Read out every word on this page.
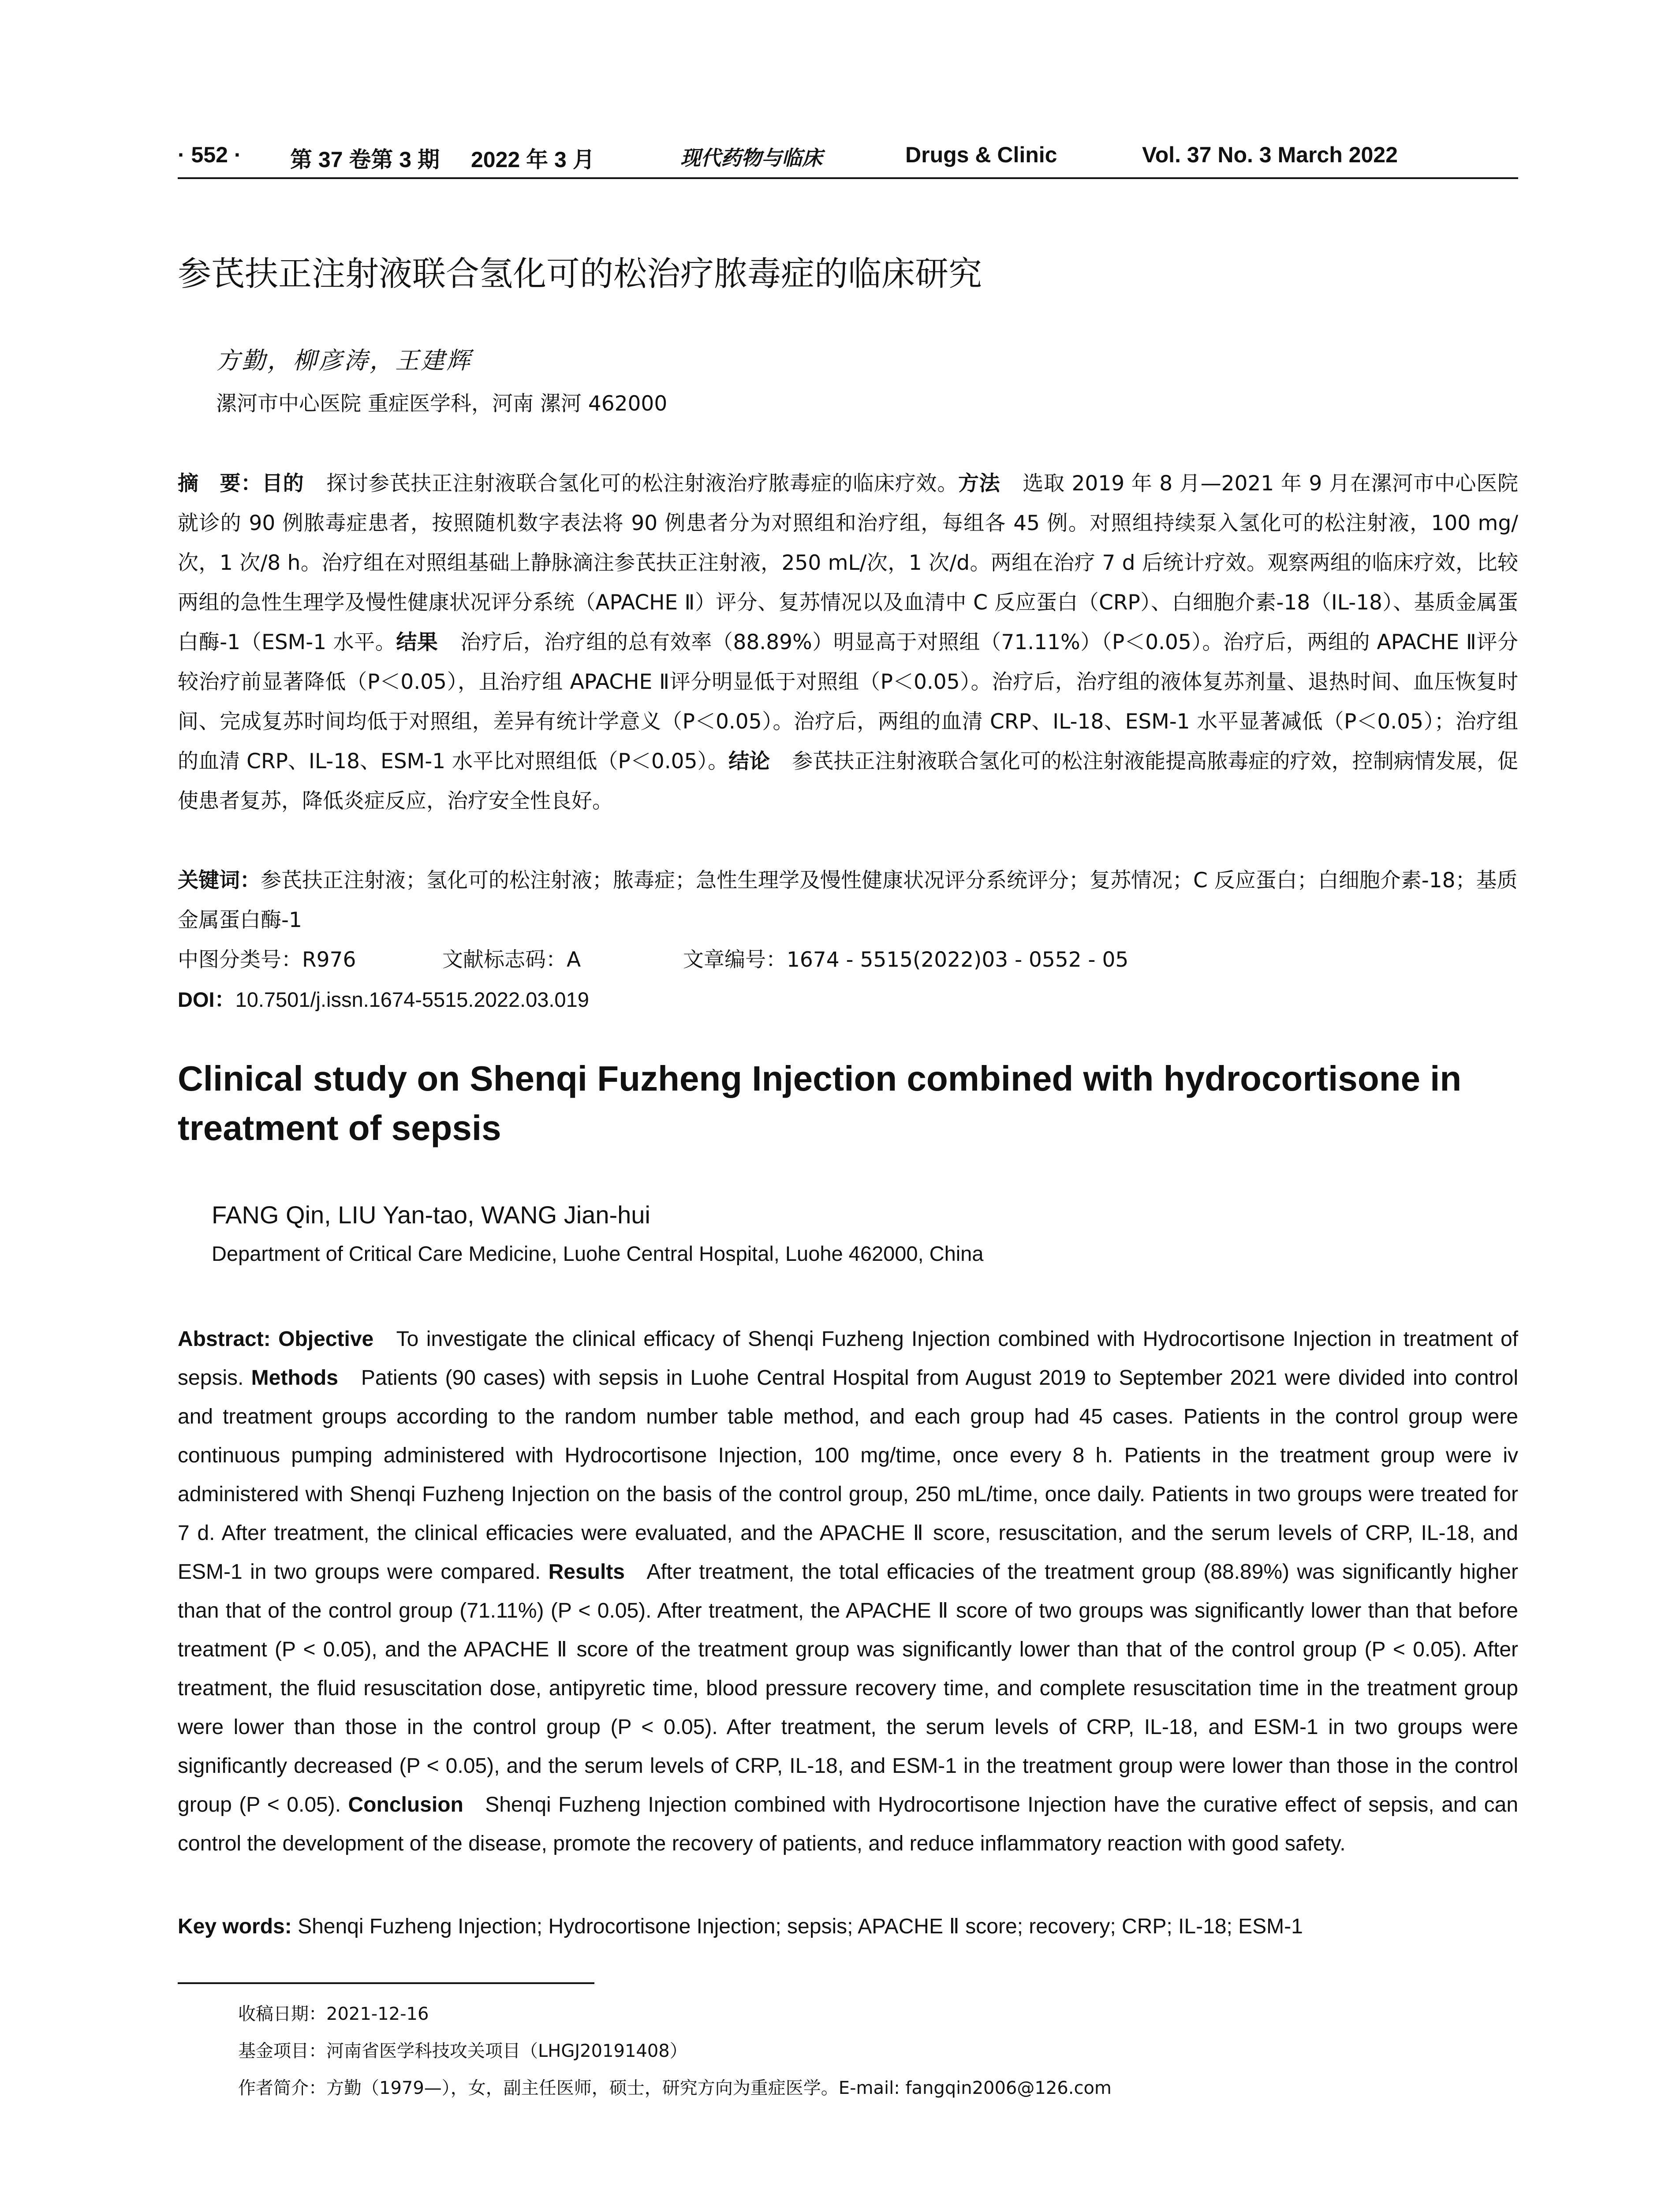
· 552 · 第 37 卷第 3 期 2022 年 3 月	现代药物与临床	Drugs & Clinic	Vol. 37 No. 3 March 2022
参芪扶正注射液联合氢化可的松治疗脓毒症的临床研究
方勤，柳彦涛，王建辉
漯河市中心医院 重症医学科，河南 漯河 462000

摘　要：目的 探讨参芪扶正注射液联合氢化可的松注射液治疗脓毒症的临床疗效。方法 选取 2019 年 8 月—2021 年 9 月在漯河市中心医院就诊的 90 例脓毒症患者，按照随机数字表法将 90 例患者分为对照组和治疗组，每组各 45 例。对照组持续泵入氢化可的松注射液，100 mg/次，1 次/8 h。治疗组在对照组基础上静脉滴注参芪扶正注射液，250 mL/次，1 次/d。两组在治疗 7 d 后统计疗效。观察两组的临床疗效，比较两组的急性生理学及慢性健康状况评分系统（APACHE Ⅱ）评分、复苏情况以及血清中 C 反应蛋白（CRP）、白细胞介素-18（IL-18）、基质金属蛋白酶-1（ESM-1 水平。结果 治疗后，治疗组的总有效率（88.89%）明显高于对照组（71.11%）（P＜0.05）。治疗后，两组的 APACHE Ⅱ评分较治疗前显著降低（P＜0.05），且治疗组 APACHE Ⅱ评分明显低于对照组（P＜0.05）。治疗后，治疗组的液体复苏剂量、退热时间、血压恢复时间、完成复苏时间均低于对照组，差异有统计学意义（P＜0.05）。治疗后，两组的血清 CRP、IL-18、ESM-1 水平显著减低（P＜0.05）；治疗组的血清 CRP、IL-18、ESM-1 水平比对照组低（P＜0.05）。结论 参芪扶正注射液联合氢化可的松注射液能提高脓毒症的疗效，控制病情发展，促使患者复苏，降低炎症反应，治疗安全性良好。

关键词：参芪扶正注射液；氢化可的松注射液；脓毒症；急性生理学及慢性健康状况评分系统评分；复苏情况；C 反应蛋白；白细胞介素-18；基质金属蛋白酶-1

中图分类号：R976	文献标志码：A	文章编号：1674 - 5515(2022)03 - 0552 - 05
DOI：10.7501/j.issn.1674-5515.2022.03.019
Clinical study on Shenqi Fuzheng Injection combined with hydrocortisone in treatment of sepsis
FANG Qin, LIU Yan-tao, WANG Jian-hui
Department of Critical Care Medicine, Luohe Central Hospital, Luohe 462000, China

Abstract: Objective To investigate the clinical efficacy of Shenqi Fuzheng Injection combined with Hydrocortisone Injection in treatment of sepsis. Methods Patients (90 cases) with sepsis in Luohe Central Hospital from August 2019 to September 2021 were divided into control and treatment groups according to the random number table method, and each group had 45 cases. Patients in the control group were continuous pumping administered with Hydrocortisone Injection, 100 mg/time, once every 8 h. Patients in the treatment group were iv administered with Shenqi Fuzheng Injection on the basis of the control group, 250 mL/time, once daily. Patients in two groups were treated for 7 d. After treatment, the clinical efficacies were evaluated, and the APACHE Ⅱ score, resuscitation, and the serum levels of CRP, IL-18, and ESM-1 in two groups were compared. Results After treatment, the total efficacies of the treatment group (88.89%) was significantly higher than that of the control group (71.11%) (P < 0.05). After treatment, the APACHE Ⅱ score of two groups was significantly lower than that before treatment (P < 0.05), and the APACHE Ⅱ score of the treatment group was significantly lower than that of the control group (P < 0.05). After treatment, the fluid resuscitation dose, antipyretic time, blood pressure recovery time, and complete resuscitation time in the treatment group were lower than those in the control group (P < 0.05). After treatment, the serum levels of CRP, IL-18, and ESM-1 in two groups were significantly decreased (P < 0.05), and the serum levels of CRP, IL-18, and ESM-1 in the treatment group were lower than those in the control group (P < 0.05). Conclusion Shenqi Fuzheng Injection combined with Hydrocortisone Injection have the curative effect of sepsis, and can control the development of the disease, promote the recovery of patients, and reduce inflammatory reaction with good safety.

Key words: Shenqi Fuzheng Injection; Hydrocortisone Injection; sepsis; APACHE Ⅱ score; recovery; CRP; IL-18; ESM-1
收稿日期：2021-12-16
基金项目：河南省医学科技攻关项目（LHGJ20191408）
作者简介：方勤（1979—），女，副主任医师，硕士，研究方向为重症医学。E-mail: fangqin2006@126.com
